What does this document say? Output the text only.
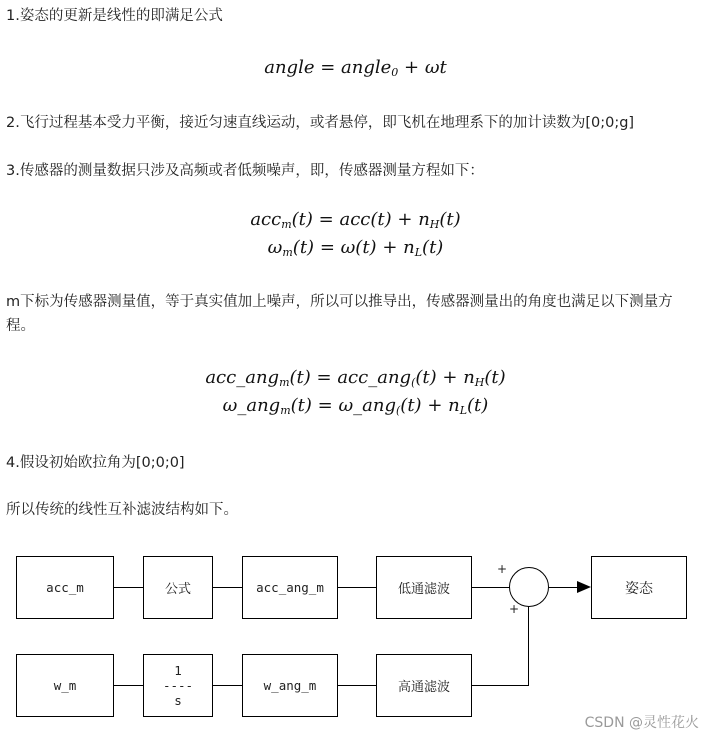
1.姿态的更新是线性的即满足公式
angle = angle$_0$ + ωt
2.飞行过程基本受力平衡，接近匀速直线运动，或者悬停，即飞机在地理系下的加计读数为[0;0;g]
3.传感器的测量数据只涉及高频或者低频噪声，即，传感器测量方程如下：
$acc_m(t) = acc(t) + n_H(t)$
$\omega_m(t) = \omega(t) + n_L(t)$
m下标为传感器测量值，等于真实值加上噪声，所以可以推导出，传感器测量出的角度也满足以下测量方程。
acc_ang$_m$(t) = acc_ang$_($(t) + $n_H(t)$
ω_ang$_m$(t) = ω_ang$_($(t) + $n_L(t)$
4.假设初始欧拉角为[0;0;0]
所以传统的线性互补滤波结构如下。
acc_m	公式	acc_ang_m	低通滤波
+
+
姿态
w_m
1
----
s
w_ang_m	高通滤波
CSDN @灵性花火
